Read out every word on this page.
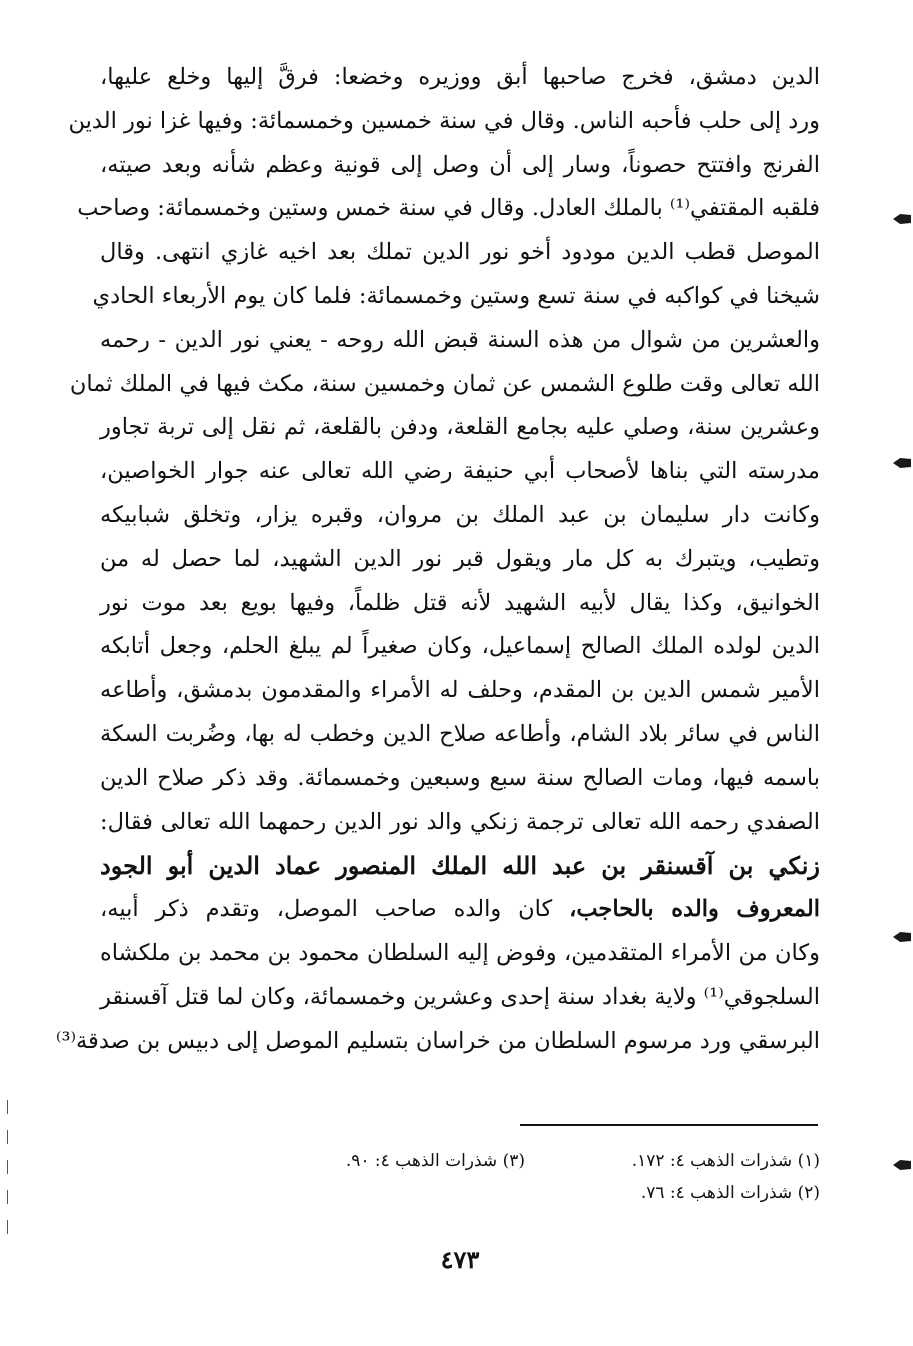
الدين دمشق، فخرج صاحبها أبق ووزيره وخضعا: فرقَّ إليها وخلع عليها،
ورد إلى حلب فأحبه الناس. وقال في سنة خمسين وخمسمائة: وفيها غزا نور الدين
الفرنج وافتتح حصوناً، وسار إلى أن وصل إلى قونية وعظم شأنه وبعد صيته،
فلقبه المقتفي⁽¹⁾ بالملك العادل. وقال في سنة خمس وستين وخمسمائة: وصاحب
الموصل قطب الدين مودود أخو نور الدين تملك بعد اخيه غازي انتهى. وقال
شيخنا في كواكبه في سنة تسع وستين وخمسمائة: فلما كان يوم الأربعاء الحادي
والعشرين من شوال من هذه السنة قبض الله روحه - يعني نور الدين - رحمه
الله تعالى وقت طلوع الشمس عن ثمان وخمسين سنة، مكث فيها في الملك ثمان
وعشرين سنة، وصلي عليه بجامع القلعة، ودفن بالقلعة، ثم نقل إلى تربة تجاور
مدرسته التي بناها لأصحاب أبي حنيفة رضي الله تعالى عنه جوار الخواصين،
وكانت دار سليمان بن عبد الملك بن مروان، وقبره يزار، وتخلق شبابيكه
وتطيب، ويتبرك به كل مار ويقول قبر نور الدين الشهيد، لما حصل له من
الخوانيق، وكذا يقال لأبيه الشهيد لأنه قتل ظلماً، وفيها بويع بعد موت نور
الدين لولده الملك الصالح إسماعيل، وكان صغيراً لم يبلغ الحلم، وجعل أتابكه
الأمير شمس الدين بن المقدم، وحلف له الأمراء والمقدمون بدمشق، وأطاعه
الناس في سائر بلاد الشام، وأطاعه صلاح الدين وخطب له بها، وضُربت السكة
باسمه فيها، ومات الصالح سنة سبع وسبعين وخمسمائة. وقد ذكر صلاح الدين
الصفدي رحمه الله تعالى ترجمة زنكي والد نور الدين رحمهما الله تعالى فقال:
زنكي بن آقسنقر بن عبد الله الملك المنصور عماد الدين أبو الجود
المعروف والده بالحاجب، كان والده صاحب الموصل، وتقدم ذكر أبيه،
وكان من الأمراء المتقدمين، وفوض إليه السلطان محمود بن محمد بن ملكشاه
السلجوقي⁽¹⁾ ولاية بغداد سنة إحدى وعشرين وخمسمائة، وكان لما قتل آقسنقر
البرسقي ورد مرسوم السلطان من خراسان بتسليم الموصل إلى دبيس بن صدقة⁽³⁾
(١) شذرات الذهب ٤: ١٧٢.
(٣) شذرات الذهب ٤: ٩٠.
(٢) شذرات الذهب ٤: ٧٦.
٤٧٣
